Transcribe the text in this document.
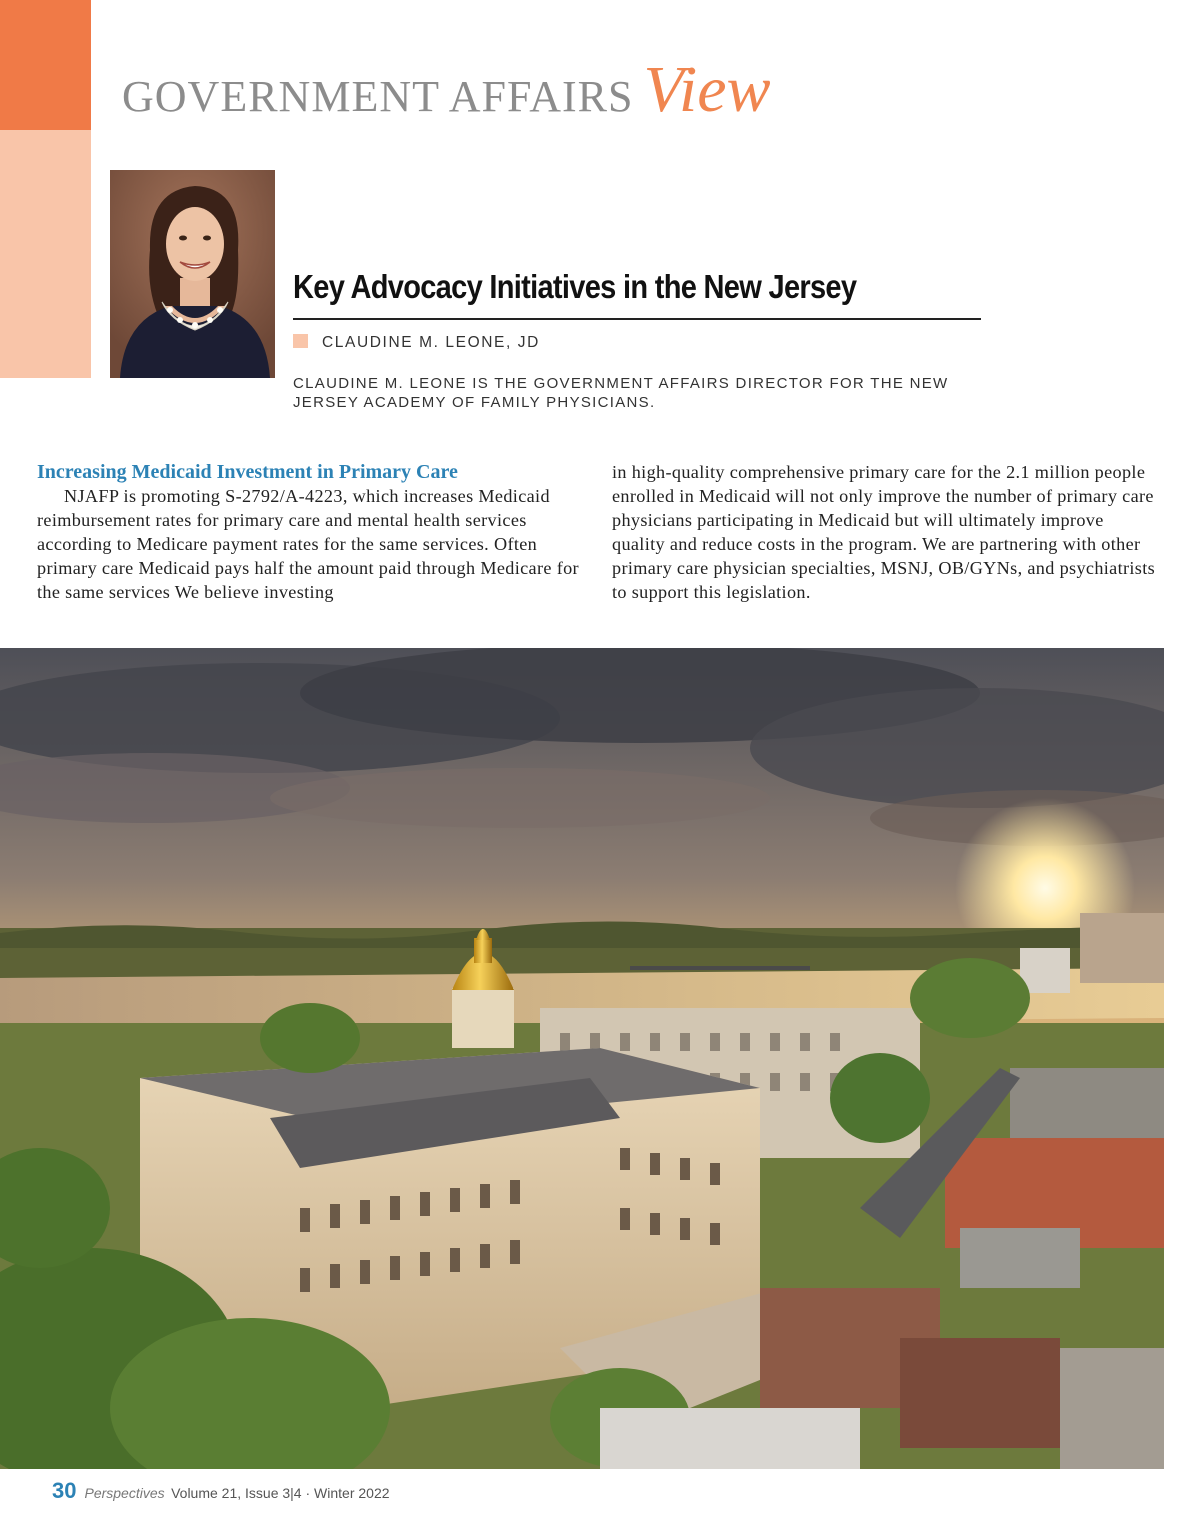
GOVERNMENT AFFAIRS View
Key Advocacy Initiatives in the New Jersey
CLAUDINE M. LEONE, JD
CLAUDINE M. LEONE IS THE GOVERNMENT AFFAIRS DIRECTOR FOR THE NEW JERSEY ACADEMY OF FAMILY PHYSICIANS.
Increasing Medicaid Investment in Primary Care
NJAFP is promoting S-2792/A-4223, which increases Medicaid reimbursement rates for primary care and mental health services according to Medicare payment rates for the same services. Often primary care Medicaid pays half the amount paid through Medicare for the same services We believe investing
in high-quality comprehensive primary care for the 2.1 million people enrolled in Medicaid will not only improve the number of primary care physicians participating in Medicaid but will ultimately improve quality and reduce costs in the program. We are partnering with other primary care physician specialties, MSNJ, OB/GYNs, and psychiatrists to support this legislation.
30 Perspectives Volume 21, Issue 3|4 · Winter 2022
